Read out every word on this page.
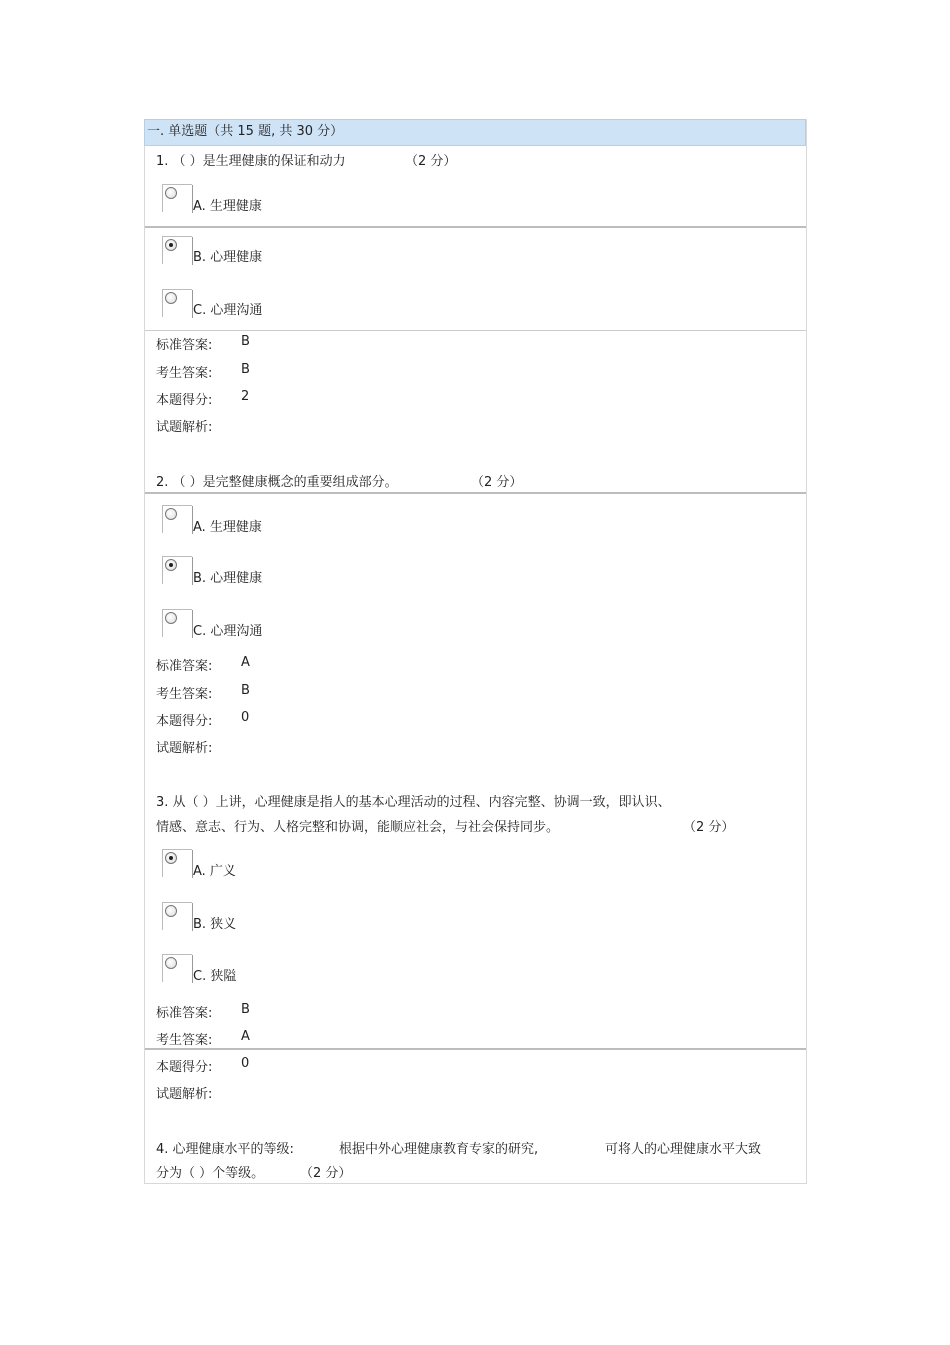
一. 单选题（共 15 题, 共 30 分）
1. （ ）是生理健康的保证和动力	（2 分）
A. 生理健康
B. 心理健康
C. 心理沟通
标准答案: B
考生答案: B
本题得分: 2
试题解析:
2. （ ）是完整健康概念的重要组成部分。	（2 分）
A. 生理健康
B. 心理健康
C. 心理沟通
标准答案: A
考生答案: B
本题得分: 0
试题解析:
3. 从（ ）上讲，心理健康是指人的基本心理活动的过程、内容完整、协调一致，即认识、
情感、意志、行为、人格完整和协调，能顺应社会，与社会保持同步。	（2 分）
A. 广义
B. 狭义
C. 狭隘
标准答案: B
考生答案: A
本题得分: 0
试题解析:
4. 心理健康水平的等级:	根据中外心理健康教育专家的研究,	可将人的心理健康水平大致
分为（ ）个等级。	（2 分）
